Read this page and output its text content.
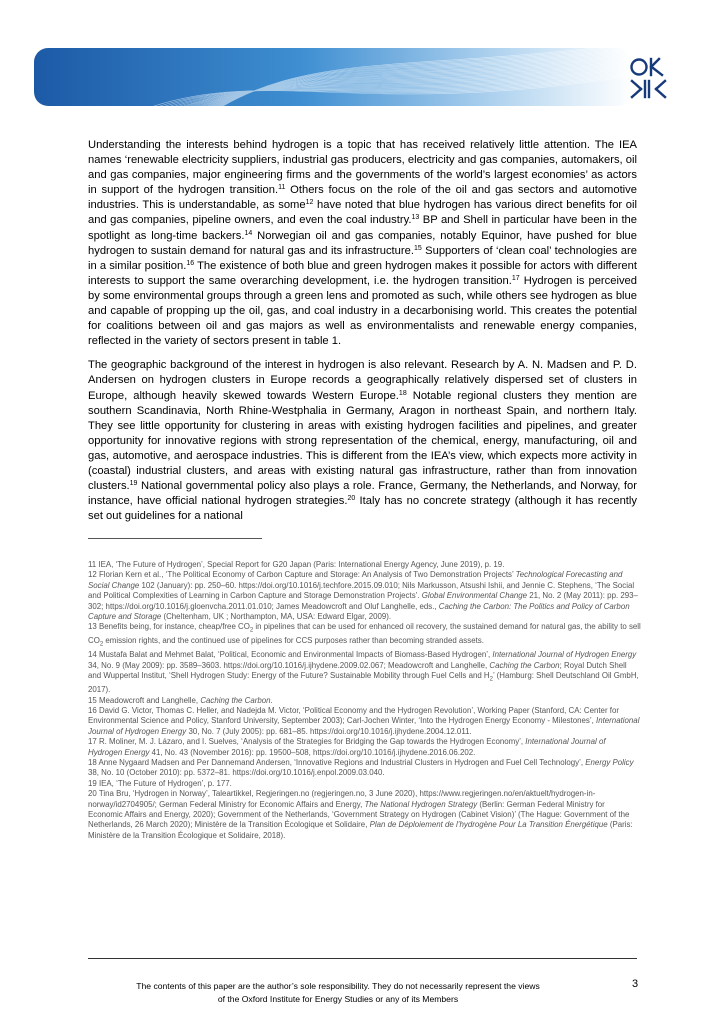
Understanding the interests behind hydrogen is a topic that has received relatively little attention. The IEA names ‘renewable electricity suppliers, industrial gas producers, electricity and gas companies, automakers, oil and gas companies, major engineering firms and the governments of the world’s largest economies’ as actors in support of the hydrogen transition.$^{11}$ Others focus on the role of the oil and gas sectors and automotive industries. This is understandable, as some$^{12}$ have noted that blue hydrogen has various direct benefits for oil and gas companies, pipeline owners, and even the coal industry.$^{13}$ BP and Shell in particular have been in the spotlight as long-time backers.$^{14}$ Norwegian oil and gas companies, notably Equinor, have pushed for blue hydrogen to sustain demand for natural gas and its infrastructure.$^{15}$ Supporters of ‘clean coal’ technologies are in a similar position.$^{16}$ The existence of both blue and green hydrogen makes it possible for actors with different interests to support the same overarching development, i.e. the hydrogen transition.$^{17}$ Hydrogen is perceived by some environmental groups through a green lens and promoted as such, while others see hydrogen as blue and capable of propping up the oil, gas, and coal industry in a decarbonising world. This creates the potential for coalitions between oil and gas majors as well as environmentalists and renewable energy companies, reflected in the variety of sectors present in table 1.

The geographic background of the interest in hydrogen is also relevant. Research by A. N. Madsen and P. D. Andersen on hydrogen clusters in Europe records a geographically relatively dispersed set of clusters in Europe, although heavily skewed towards Western Europe.$^{18}$ Notable regional clusters they mention are southern Scandinavia, North Rhine-Westphalia in Germany, Aragon in northeast Spain, and northern Italy. They see little opportunity for clustering in areas with existing hydrogen facilities and pipelines, and greater opportunity for innovative regions with strong representation of the chemical, energy, manufacturing, oil and gas, automotive, and aerospace industries. This is different from the IEA’s view, which expects more activity in (coastal) industrial clusters, and areas with existing natural gas infrastructure, rather than from innovation clusters.$^{19}$ National governmental policy also plays a role. France, Germany, the Netherlands, and Norway, for instance, have official national hydrogen strategies.$^{20}$ Italy has no concrete strategy (although it has recently set out guidelines for a national

11 IEA, ‘The Future of Hydrogen’, Special Report for G20 Japan (Paris: International Energy Agency, June 2019), p. 19.

12 Florian Kern et al., ‘The Political Economy of Carbon Capture and Storage: An Analysis of Two Demonstration Projects’ Technological Forecasting and Social Change 102 (January): pp. 250–60. https://doi.org/10.1016/j.techfore.2015.09.010; Nils Markusson, Atsushi Ishii, and Jennie C. Stephens, ‘The Social and Political Complexities of Learning in Carbon Capture and Storage Demonstration Projects’. Global Environmental Change 21, No. 2 (May 2011): pp. 293–302; https://doi.org/10.1016/j.gloenvcha.2011.01.010; James Meadowcroft and Oluf Langhelle, eds., Caching the Carbon: The Politics and Policy of Carbon Capture and Storage (Cheltenham, UK ; Northampton, MA, USA: Edward Elgar, 2009).

13 Benefits being, for instance, cheap/free $CO_2$ in pipelines that can be used for enhanced oil recovery, the sustained demand for natural gas, the ability to sell $CO_2$ emission rights, and the continued use of pipelines for CCS purposes rather than becoming stranded assets.

14 Mustafa Balat and Mehmet Balat, ‘Political, Economic and Environmental Impacts of Biomass-Based Hydrogen’, International Journal of Hydrogen Energy 34, No. 9 (May 2009): pp. 3589–3603. https://doi.org/10.1016/j.ijhydene.2009.02.067; Meadowcroft and Langhelle, Caching the Carbon; Royal Dutch Shell and Wuppertal Institut, ‘Shell Hydrogen Study: Energy of the Future? Sustainable Mobility through Fuel Cells and $H_2$’ (Hamburg: Shell Deutschland Oil GmbH, 2017).

15 Meadowcroft and Langhelle, Caching the Carbon.

16 David G. Victor, Thomas C. Heller, and Nadejda M. Victor, ‘Political Economy and the Hydrogen Revolution’, Working Paper (Stanford, CA: Center for Environmental Science and Policy, Stanford University, September 2003); Carl-Jochen Winter, ‘Into the Hydrogen Energy Economy - Milestones’, International Journal of Hydrogen Energy 30, No. 7 (July 2005): pp. 681–85. https://doi.org/10.1016/j.ijhydene.2004.12.011.

17 R. Moliner, M. J. Lázaro, and I. Suelves, ‘Analysis of the Strategies for Bridging the Gap towards the Hydrogen Economy’, International Journal of Hydrogen Energy 41, No. 43 (November 2016): pp. 19500–508, https://doi.org/10.1016/j.ijhydene.2016.06.202.

18 Anne Nygaard Madsen and Per Dannemand Andersen, ‘Innovative Regions and Industrial Clusters in Hydrogen and Fuel Cell Technology’, Energy Policy 38, No. 10 (October 2010): pp. 5372–81. https://doi.org/10.1016/j.enpol.2009.03.040.

19 IEA, ‘The Future of Hydrogen’, p. 177.

20 Tina Bru, ‘Hydrogen in Norway’, Taleartikkel, Regjeringen.no (regjeringen.no, 3 June 2020), https://www.regjeringen.no/en/aktuelt/hydrogen-in-norway/id2704905/; German Federal Ministry for Economic Affairs and Energy, The National Hydrogen Strategy (Berlin: German Federal Ministry for Economic Affairs and Energy, 2020); Government of the Netherlands, ‘Government Strategy on Hydrogen (Cabinet Vision)’ (The Hague: Government of the Netherlands, 26 March 2020); Ministère de la Transition Écologique et Solidaire, Plan de Déploiement de l’hydrogène Pour La Transition Énergétique (Paris: Ministère de la Transition Écologique et Solidaire, 2018).

The contents of this paper are the author’s sole responsibility. They do not necessarily represent the views
of the Oxford Institute for Energy Studies or any of its Members
3
